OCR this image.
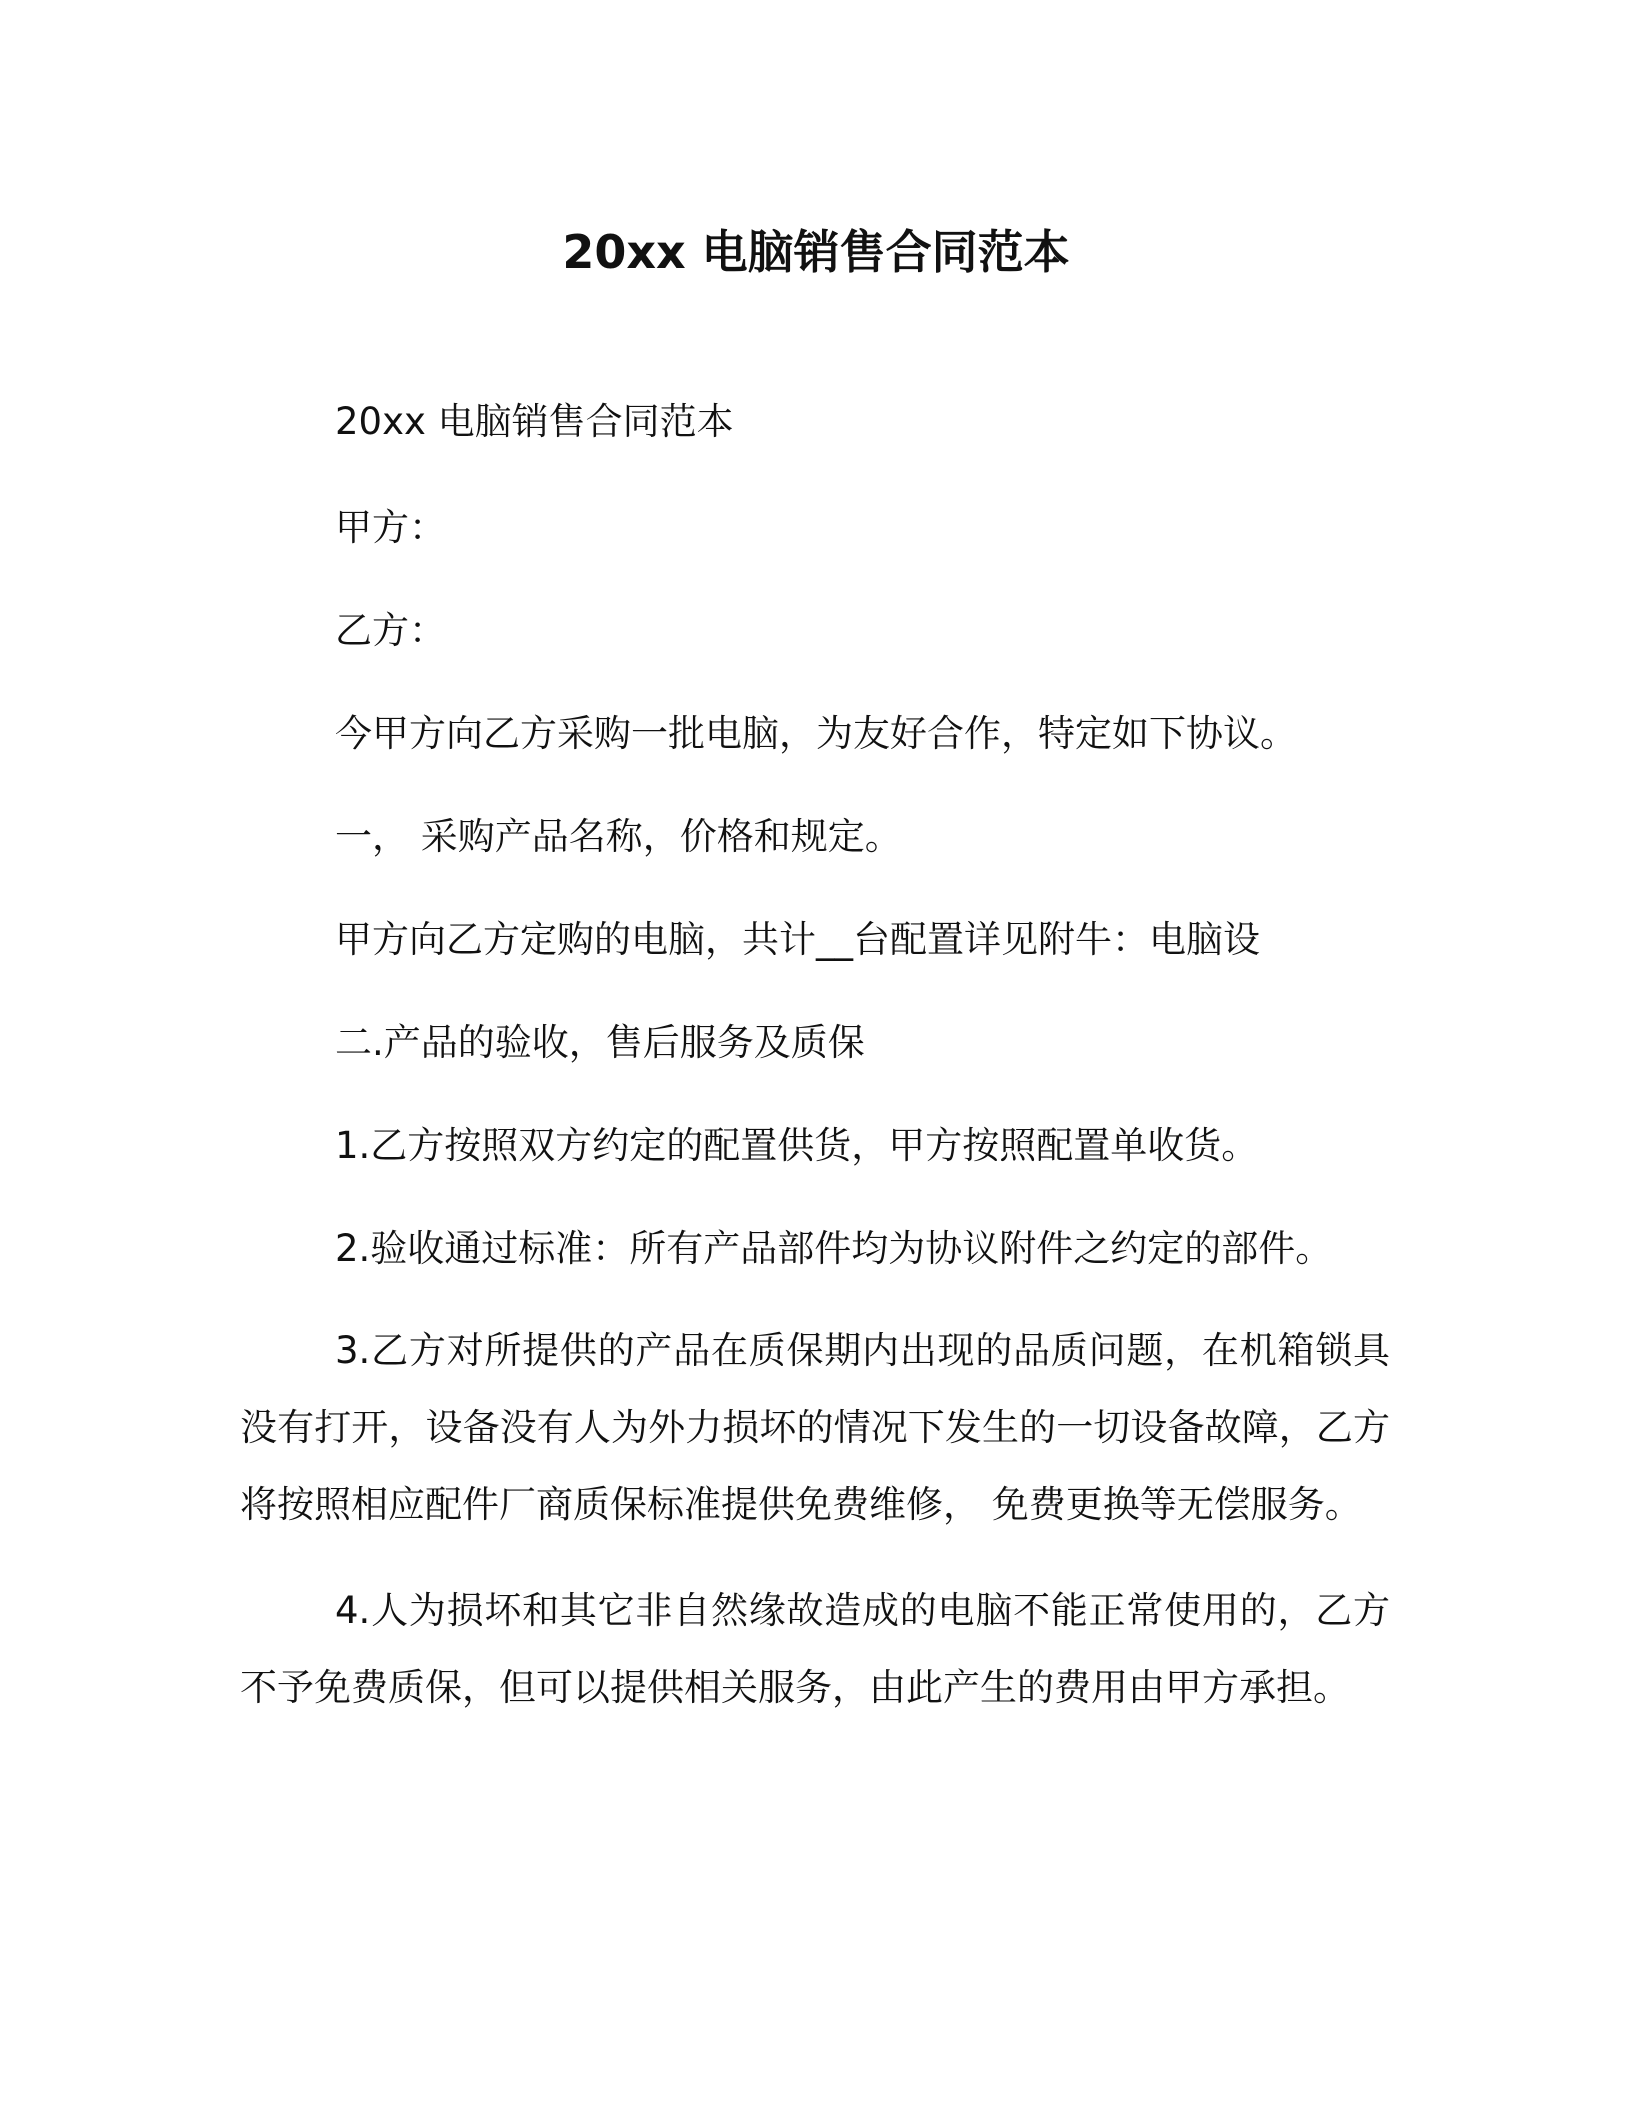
20xx 电脑销售合同范本
20xx 电脑销售合同范本
甲方：
乙方：
今甲方向乙方采购一批电脑，为友好合作，特定如下协议。
一， 采购产品名称，价格和规定。
甲方向乙方定购的电脑，共计__台配置详见附牛：电脑设
二.产品的验收，售后服务及质保
1.乙方按照双方约定的配置供货，甲方按照配置单收货。
2.验收通过标准：所有产品部件均为协议附件之约定的部件。
3.乙方对所提供的产品在质保期内出现的品质问题，在机箱锁具没有打开，设备没有人为外力损坏的情况下发生的一切设备故障，乙方将按照相应配件厂商质保标准提供免费维修， 免费更换等无偿服务。
4.人为损坏和其它非自然缘故造成的电脑不能正常使用的，乙方不予免费质保，但可以提供相关服务，由此产生的费用由甲方承担。
